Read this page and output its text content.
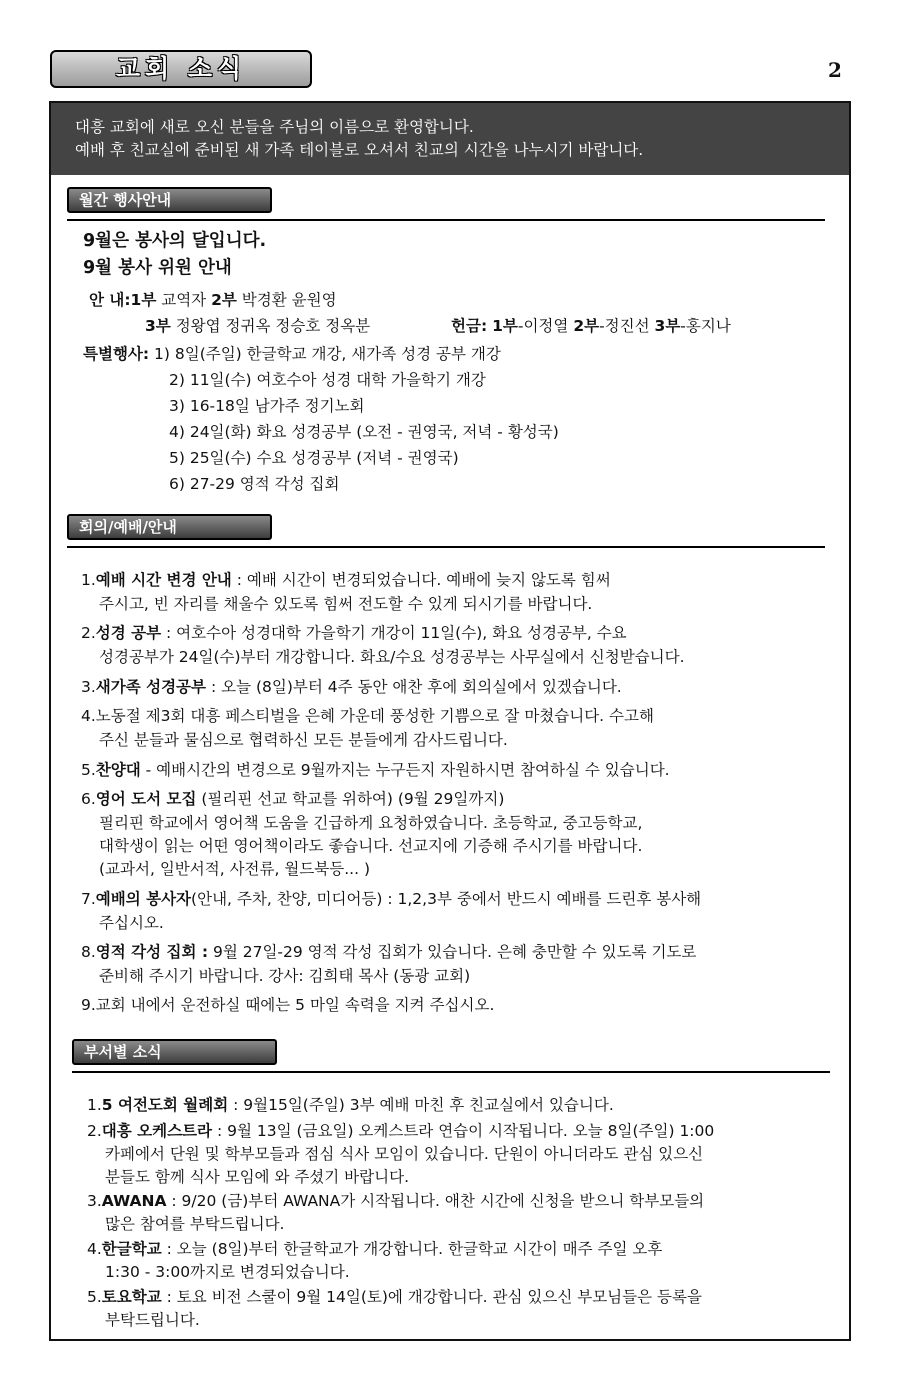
교회 소식	2
대흥 교회에 새로 오신 분들을 주님의 이름으로 환영합니다.
예배 후 친교실에 준비된 새 가족 테이블로 오셔서 친교의 시간을 나누시기 바랍니다.
월간 행사안내
9월은 봉사의 달입니다.
9월 봉사 위원 안내
안 내:1부 교역자 2부 박경환 윤원영
3부 정왕엽 정귀옥 정승호 정옥분	헌금: 1부-이정열 2부-정진선 3부-홍지나
특별행사: 1) 8일(주일) 한글학교 개강, 새가족 성경 공부 개강
2) 11일(수) 여호수아 성경 대학 가을학기 개강
3) 16-18일 남가주 정기노회
4) 24일(화) 화요 성경공부 (오전 - 권영국, 저녁 - 황성국)
5) 25일(수) 수요 성경공부 (저녁 - 권영국)
6) 27-29 영적 각성 집회
회의/예배/안내
1.예배 시간 변경 안내 : 예배 시간이 변경되었습니다. 예배에 늦지 않도록 힘써
주시고, 빈 자리를 채울수 있도록 힘써 전도할 수 있게 되시기를 바랍니다.
2.성경 공부 : 여호수아 성경대학 가을학기 개강이 11일(수), 화요 성경공부, 수요
성경공부가 24일(수)부터 개강합니다. 화요/수요 성경공부는 사무실에서 신청받습니다.
3.새가족 성경공부 : 오늘 (8일)부터 4주 동안 애찬 후에 회의실에서 있겠습니다.
4.노동절 제3회 대흥 페스티벌을 은혜 가운데 풍성한 기쁨으로 잘 마쳤습니다. 수고해
주신 분들과 물심으로 협력하신 모든 분들에게 감사드립니다.
5.찬양대 - 예배시간의 변경으로 9월까지는 누구든지 자원하시면 참여하실 수 있습니다.
6.영어 도서 모집 (필리핀 선교 학교를 위하여) (9월 29일까지)
필리핀 학교에서 영어책 도움을 긴급하게 요청하였습니다. 초등학교, 중고등학교,
대학생이 읽는 어떤 영어책이라도 좋습니다. 선교지에 기증해 주시기를 바랍니다.
(교과서, 일반서적, 사전류, 월드북등... )
7.예배의 봉사자(안내, 주차, 찬양, 미디어등) : 1,2,3부 중에서 반드시 예배를 드린후 봉사해
주십시오.
8.영적 각성 집회 : 9월 27일-29 영적 각성 집회가 있습니다. 은혜 충만할 수 있도록 기도로
준비해 주시기 바랍니다. 강사: 김희태 목사 (동광 교회)
9.교회 내에서 운전하실 때에는 5 마일 속력을 지켜 주십시오.
부서별 소식
1.5 여전도회 월례회 : 9월15일(주일) 3부 예배 마친 후 친교실에서 있습니다.
2.대흥 오케스트라 : 9월 13일 (금요일) 오케스트라 연습이 시작됩니다. 오늘 8일(주일) 1:00
카페에서 단원 및 학부모들과 점심 식사 모임이 있습니다. 단원이 아니더라도 관심 있으신
분들도 함께 식사 모임에 와 주셨기 바랍니다.
3.AWANA : 9/20 (금)부터 AWANA가 시작됩니다. 애찬 시간에 신청을 받으니 학부모들의
많은 참여를 부탁드립니다.
4.한글학교 : 오늘 (8일)부터 한글학교가 개강합니다. 한글학교 시간이 매주 주일 오후
1:30 - 3:00까지로 변경되었습니다.
5.토요학교 : 토요 비전 스쿨이 9월 14일(토)에 개강합니다. 관심 있으신 부모님들은 등록을
부탁드립니다.
